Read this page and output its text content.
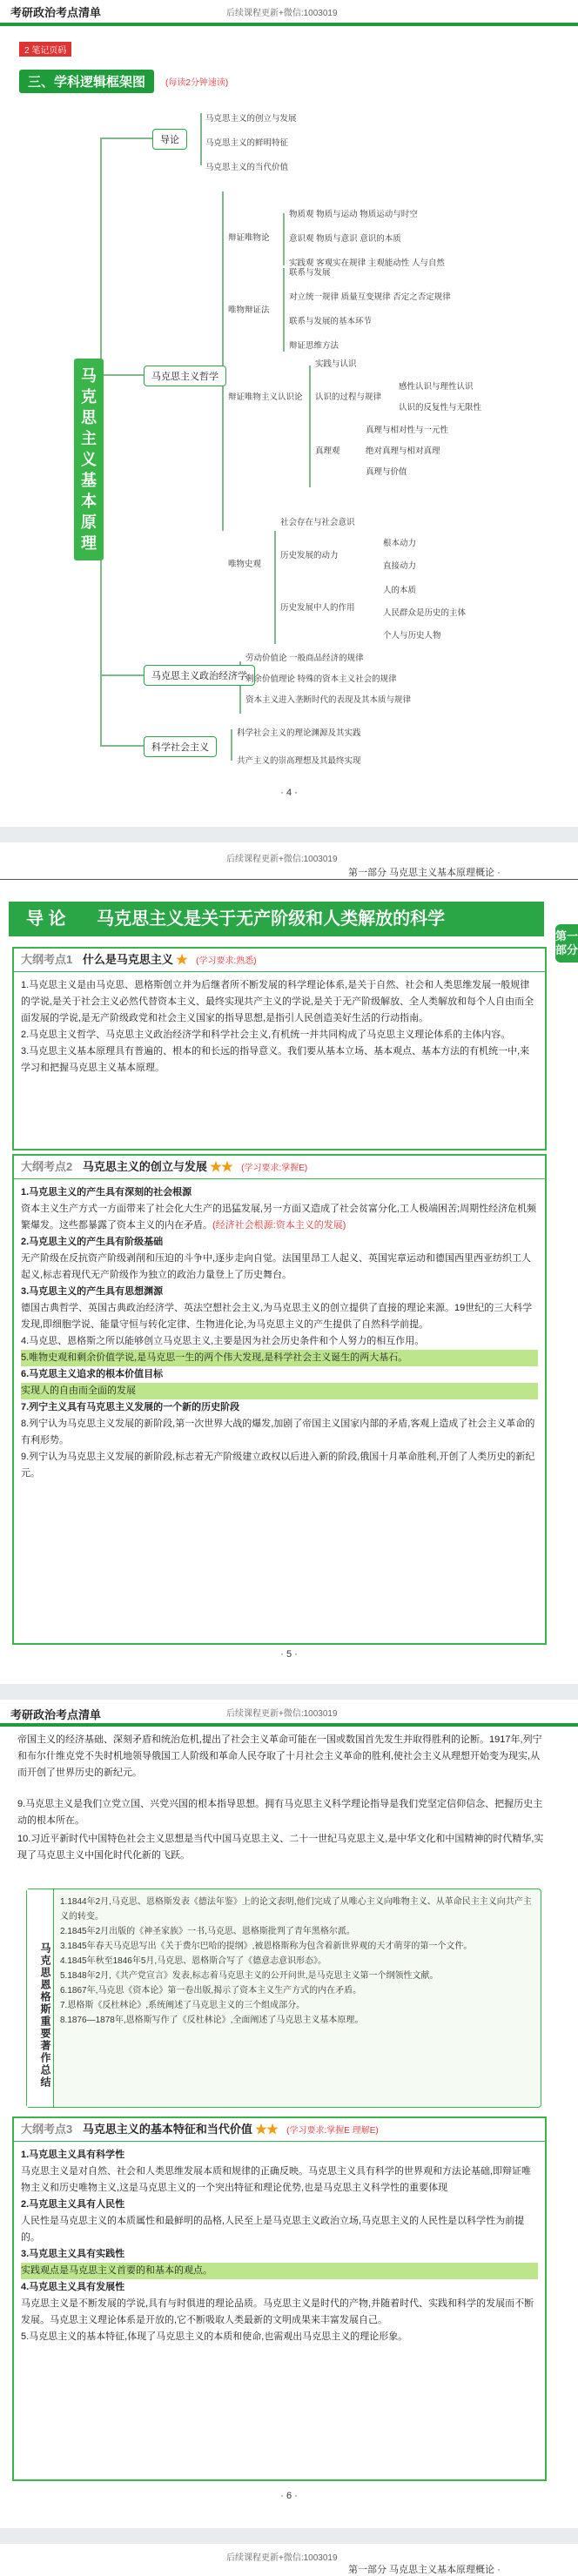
考研政治考点清单	后续课程更新+微信:1003019
2 笔记页码
三、学科逻辑框架图	(每读2分钟速读)
马克思主义基本原理
导论
马克思主义的创立与发展
马克思主义的鲜明特征
马克思主义的当代价值
马克思主义哲学
辩证唯物论
物质观 物质与运动 物质运动与时空
意识观 物质与意识 意识的本质
实践观 客观实在规律 主观能动性 人与自然
唯物辩证法
联系与发展
对立统一规律 质量互变规律 否定之否定规律
联系与发展的基本环节
辩证思维方法
辩证唯物主义认识论
实践与认识
认识的过程与规律
感性认识与理性认识
认识的反复性与无限性
真理观
真理与相对性与一元性
绝对真理与相对真理
真理与价值
唯物史观
社会存在与社会意识
历史发展的动力
历史发展中人的作用
根本动力
直接动力
人的本质
人民群众是历史的主体
个人与历史人物
马克思主义政治经济学
劳动价值论 一般商品经济的规律
剩余价值理论 特殊的资本主义社会的规律
资本主义进入垄断时代的表现及其本质与规律
科学社会主义
科学社会主义的理论渊源及其实践
共产主义的崇高理想及其最终实现
· 4 ·
后续课程更新+微信:1003019
第一部分 马克思主义基本原理概论 ·
导 论 马克思主义是关于无产阶级和人类解放的科学
第一部分
大纲考点1 什么是马克思主义 ★ (学习要求:熟悉)
1.马克思主义是由马克思、恩格斯创立并为后继者所不断发展的科学理论体系,是关于自然、社会和人类思维发展一般规律的学说,是关于社会主义必然代替资本主义、最终实现共产主义的学说,是关于无产阶级解放、全人类解放和每个人自由而全面发展的学说,是无产阶级政党和社会主义国家的指导思想,是指引人民创造美好生活的行动指南。
2.马克思主义哲学、马克思主义政治经济学和科学社会主义,有机统一并共同构成了马克思主义理论体系的主体内容。
3.马克思主义基本原理具有普遍的、根本的和长远的指导意义。我们要从基本立场、基本观点、基本方法的有机统一中,来学习和把握马克思主义基本原理。
大纲考点2 马克思主义的创立与发展 ★★ (学习要求:掌握E)
1.马克思主义的产生具有深刻的社会根源
资本主义生产方式一方面带来了社会化大生产的迅猛发展,另一方面又造成了社会贫富分化,工人极端困苦;周期性经济危机频繁爆发。这些都暴露了资本主义的内在矛盾。(经济社会根源:资本主义的发展)
2.马克思主义的产生具有阶级基础
无产阶级在反抗资产阶级剥削和压迫的斗争中,逐步走向自觉。法国里昂工人起义、英国宪章运动和德国西里西亚纺织工人起义,标志着现代无产阶级作为独立的政治力量登上了历史舞台。
3.马克思主义的产生具有思想渊源
德国古典哲学、英国古典政治经济学、英法空想社会主义,为马克思主义的创立提供了直接的理论来源。19世纪的三大科学发现,即细胞学说、能量守恒与转化定律、生物进化论,为马克思主义的产生提供了自然科学前提。
4.马克思、恩格斯之所以能够创立马克思主义,主要是因为社会历史条件和个人努力的相互作用。
5.唯物史观和剩余价值学说,是马克思一生的两个伟大发现,是科学社会主义诞生的两大基石。
6.马克思主义追求的根本价值目标
实现人的自由而全面的发展
7.列宁主义具有马克思主义发展的一个新的历史阶段
8.列宁认为马克思主义发展的新阶段,第一次世界大战的爆发,加剧了帝国主义国家内部的矛盾,客观上造成了社会主义革命的有利形势。
9.列宁认为马克思主义发展的新阶段,标志着无产阶级建立政权以后进入新的阶段,俄国十月革命胜利,开创了人类历史的新纪元。
· 5 ·
考研政治考点清单	后续课程更新+微信:1003019
帝国主义的经济基础、深刻矛盾和统治危机,提出了社会主义革命可能在一国或数国首先发生并取得胜利的论断。1917年,列宁和布尔什维克党不失时机地领导俄国工人阶级和革命人民夺取了十月社会主义革命的胜利,使社会主义从理想开始变为现实,从而开创了世界历史的新纪元。
9.马克思主义是我们立党立国、兴党兴国的根本指导思想。拥有马克思主义科学理论指导是我们党坚定信仰信念、把握历史主动的根本所在。
10.习近平新时代中国特色社会主义思想是当代中国马克思主义、二十一世纪马克思主义,是中华文化和中国精神的时代精华,实现了马克思主义中国化时代化新的飞跃。
马克思恩格斯重要著作总结
1.1844年2月,马克思、恩格斯发表《德法年鉴》上的论文表明,他们完成了从唯心主义向唯物主义、从革命民主主义向共产主义的转变。
2.1845年2月出版的《神圣家族》一书,马克思、恩格斯批判了青年黑格尔派。
3.1845年春天马克思写出《关于费尔巴哈的提纲》,被恩格斯称为包含着新世界观的天才萌芽的第一个文件。
4.1845年秋至1846年5月,马克思、恩格斯合写了《德意志意识形态》。
5.1848年2月,《共产党宣言》发表,标志着马克思主义的公开问世,是马克思主义第一个纲领性文献。
6.1867年,马克思《资本论》第一卷出版,揭示了资本主义生产方式的内在矛盾。
7.恩格斯《反杜林论》,系统阐述了马克思主义的三个组成部分。
8.1876—1878年,恩格斯写作了《反杜林论》,全面阐述了马克思主义基本原理。
大纲考点3 马克思主义的基本特征和当代价值 ★★ (学习要求:掌握E 理解E)
1.马克思主义具有科学性
马克思主义是对自然、社会和人类思维发展本质和规律的正确反映。马克思主义具有科学的世界观和方法论基础,即辩证唯物主义和历史唯物主义,这是马克思主义的一个突出特征和理论优势,也是马克思主义科学性的重要体现
2.马克思主义具有人民性
人民性是马克思主义的本质属性和最鲜明的品格,人民至上是马克思主义政治立场,马克思主义的人民性是以科学性为前提的。
3.马克思主义具有实践性
实践观点是马克思主义首要的和基本的观点。
4.马克思主义具有发展性
马克思主义是不断发展的学说,具有与时俱进的理论品质。马克思主义是时代的产物,并随着时代、实践和科学的发展而不断发展。马克思主义理论体系是开放的,它不断吸取人类最新的文明成果来丰富发展自己。
5.马克思主义的基本特征,体现了马克思主义的本质和使命,也需观出马克思主义的理论形象。
· 6 ·
后续课程更新+微信:1003019
第一部分 马克思主义基本原理概论 ·
